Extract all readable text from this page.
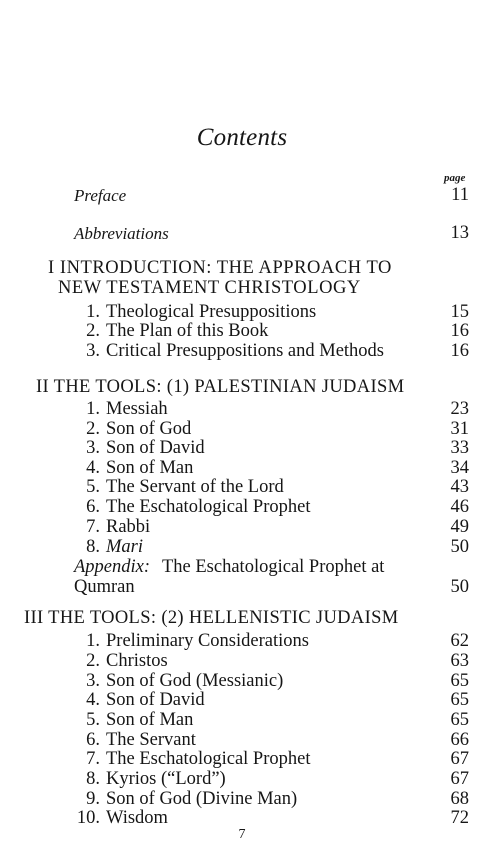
Contents
page
Preface	11
Abbreviations	13
I INTRODUCTION: THE APPROACH TO
NEW TESTAMENT CHRISTOLOGY
1. Theological Presuppositions	15
2. The Plan of this Book	16
3. Critical Presuppositions and Methods	16
II THE TOOLS: (1) PALESTINIAN JUDAISM
1. Messiah	23
2. Son of God	31
3. Son of David	33
4. Son of Man	34
5. The Servant of the Lord	43
6. The Eschatological Prophet	46
7. Rabbi	49
8. Mari	50
Appendix: The Eschatological Prophet at
Qumran	50
III THE TOOLS: (2) HELLENISTIC JUDAISM
1. Preliminary Considerations	62
2. Christos	63
3. Son of God (Messianic)	65
4. Son of David	65
5. Son of Man	65
6. The Servant	66
7. The Eschatological Prophet	67
8. Kyrios (“Lord”)	67
9. Son of God (Divine Man)	68
10. Wisdom	72
7
